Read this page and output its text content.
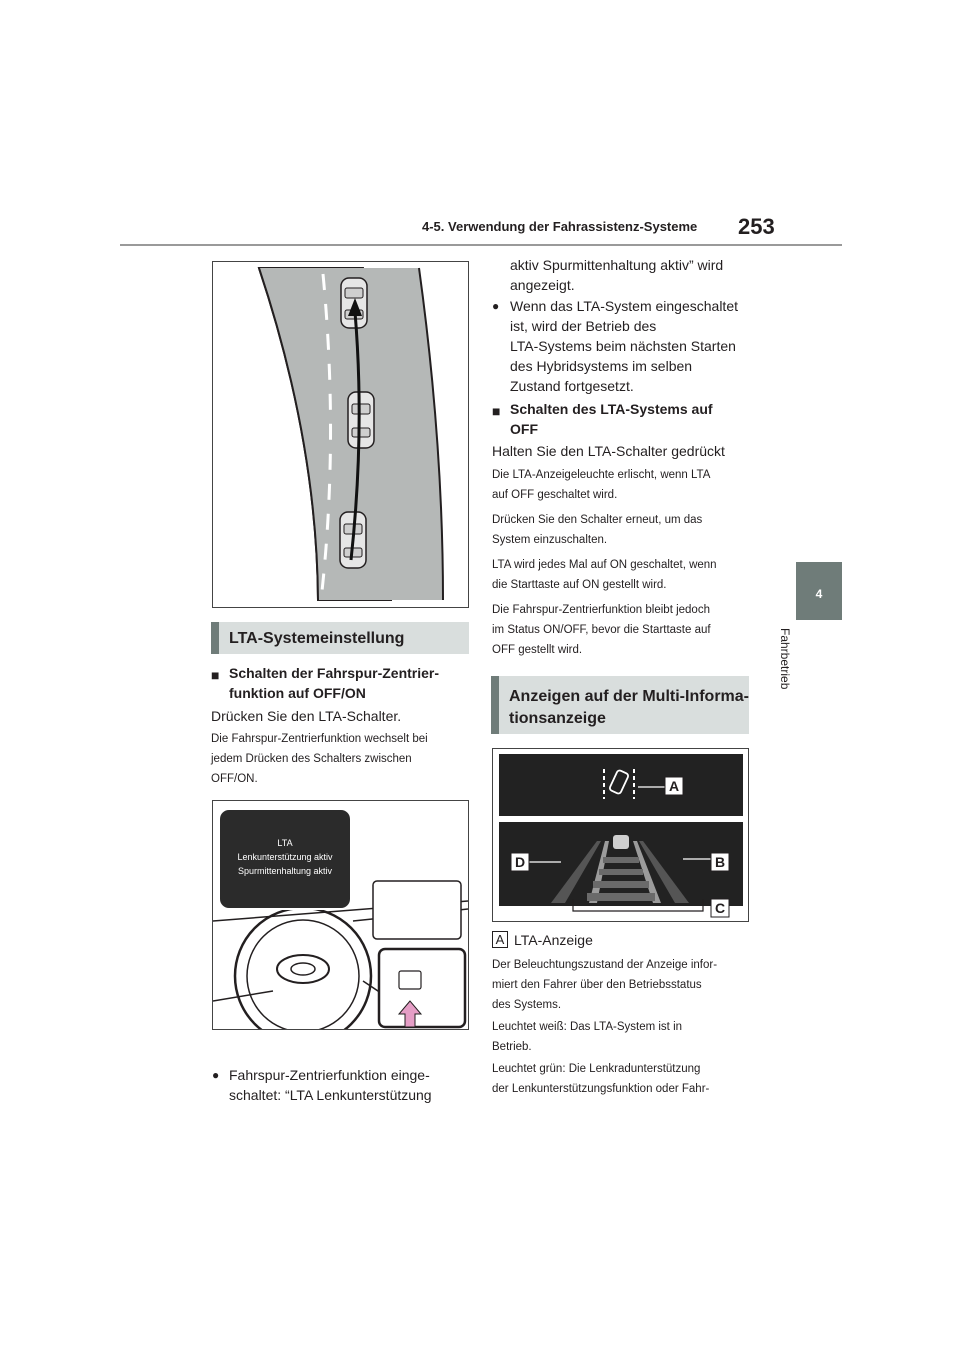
4-5. Verwendung der Fahrassistenz-Systeme 253
4
Fahrbetrieb
LTA-Systemeinstellung
■ Schalten der Fahrspur-Zentrier-
funktion auf OFF/ON
Drücken Sie den LTA-Schalter.
Die Fahrspur-Zentrierfunktion wechselt bei
jedem Drücken des Schalters zwischen
OFF/ON.
LTA
Lenkunterstützung aktiv
Spurmittenhaltung aktiv
● Fahrspur-Zentrierfunktion einge-
schaltet: “LTA Lenkunterstützung
aktiv Spurmittenhaltung aktiv” wird
angezeigt.
● Wenn das LTA-System eingeschaltet
ist, wird der Betrieb des
LTA-Systems beim nächsten Starten
des Hybridsystems im selben
Zustand fortgesetzt.
■ Schalten des LTA-Systems auf
OFF
Halten Sie den LTA-Schalter gedrückt
Die LTA-Anzeigeleuchte erlischt, wenn LTA
auf OFF geschaltet wird.
Drücken Sie den Schalter erneut, um das
System einzuschalten.
LTA wird jedes Mal auf ON geschaltet, wenn
die Starttaste auf ON gestellt wird.
Die Fahrspur-Zentrierfunktion bleibt jedoch
im Status ON/OFF, bevor die Starttaste auf
OFF gestellt wird.
Anzeigen auf der Multi-Informa-
tionsanzeige
A
B
D
C
A LTA-Anzeige
Der Beleuchtungszustand der Anzeige infor-
miert den Fahrer über den Betriebsstatus
des Systems.
Leuchtet weiß: Das LTA-System ist in
Betrieb.
Leuchtet grün: Die Lenkradunterstützung
der Lenkunterstützungsfunktion oder Fahr-
